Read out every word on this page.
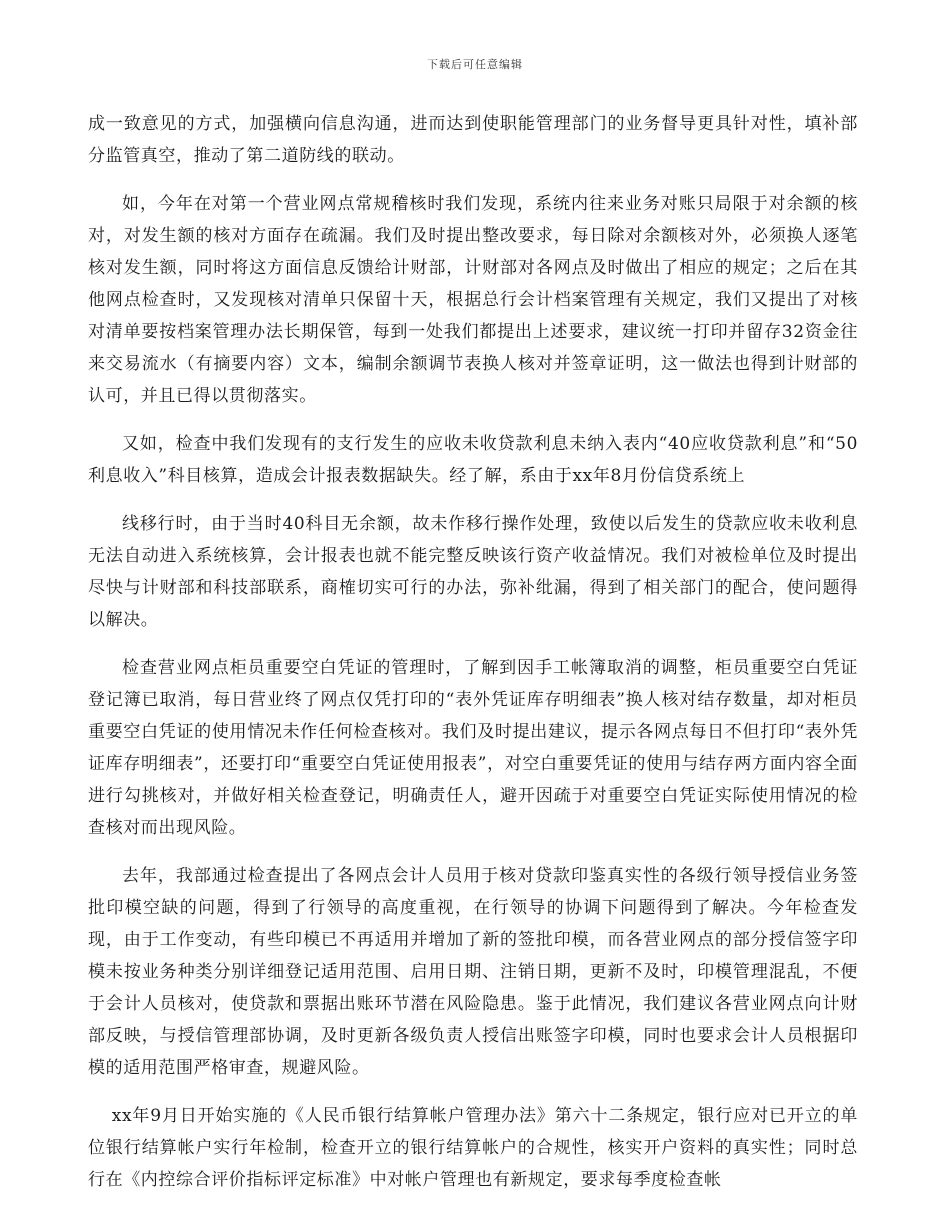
下载后可任意编辑

成一致意见的方式，加强横向信息沟通，进而达到使职能管理部门的业务督导更具针对性，填补部分监管真空，推动了第二道防线的联动。

如，今年在对第一个营业网点常规稽核时我们发现，系统内往来业务对账只局限于对余额的核对，对发生额的核对方面存在疏漏。我们及时提出整改要求，每日除对余额核对外，必须换人逐笔核对发生额，同时将这方面信息反馈给计财部，计财部对各网点及时做出了相应的规定；之后在其他网点检查时，又发现核对清单只保留十天，根据总行会计档案管理有关规定，我们又提出了对核对清单要按档案管理办法长期保管，每到一处我们都提出上述要求，建议统一打印并留存32资金往来交易流水（有摘要内容）文本，编制余额调节表换人核对并签章证明，这一做法也得到计财部的认可，并且已得以贯彻落实。

又如，检查中我们发现有的支行发生的应收未收贷款利息未纳入表内“40应收贷款利息”和“50利息收入”科目核算，造成会计报表数据缺失。经了解，系由于xx年8月份信贷系统上

线移行时，由于当时40科目无余额，故未作移行操作处理，致使以后发生的贷款应收未收利息无法自动进入系统核算，会计报表也就不能完整反映该行资产收益情况。我们对被检单位及时提出尽快与计财部和科技部联系，商榷切实可行的办法，弥补纰漏，得到了相关部门的配合，使问题得以解决。

检查营业网点柜员重要空白凭证的管理时，了解到因手工帐簿取消的调整，柜员重要空白凭证登记簿已取消，每日营业终了网点仅凭打印的“表外凭证库存明细表”换人核对结存数量，却对柜员重要空白凭证的使用情况未作任何检查核对。我们及时提出建议，提示各网点每日不但打印“表外凭证库存明细表”，还要打印“重要空白凭证使用报表”，对空白重要凭证的使用与结存两方面内容全面进行勾挑核对，并做好相关检查登记，明确责任人，避开因疏于对重要空白凭证实际使用情况的检查核对而出现风险。

去年，我部通过检查提出了各网点会计人员用于核对贷款印鉴真实性的各级行领导授信业务签批印模空缺的问题，得到了行领导的高度重视，在行领导的协调下问题得到了解决。今年检查发现，由于工作变动，有些印模已不再适用并增加了新的签批印模，而各营业网点的部分授信签字印模未按业务种类分别详细登记适用范围、启用日期、注销日期，更新不及时，印模管理混乱，不便于会计人员核对，使贷款和票据出账环节潜在风险隐患。鉴于此情况，我们建议各营业网点向计财部反映，与授信管理部协调，及时更新各级负责人授信出账签字印模，同时也要求会计人员根据印模的适用范围严格审查，规避风险。

xx年9月日开始实施的《人民币银行结算帐户管理办法》第六十二条规定，银行应对已开立的单位银行结算帐户实行年检制，检查开立的银行结算帐户的合规性，核实开户资料的真实性；同时总行在《内控综合评价指标评定标准》中对帐户管理也有新规定，要求每季度检查帐
